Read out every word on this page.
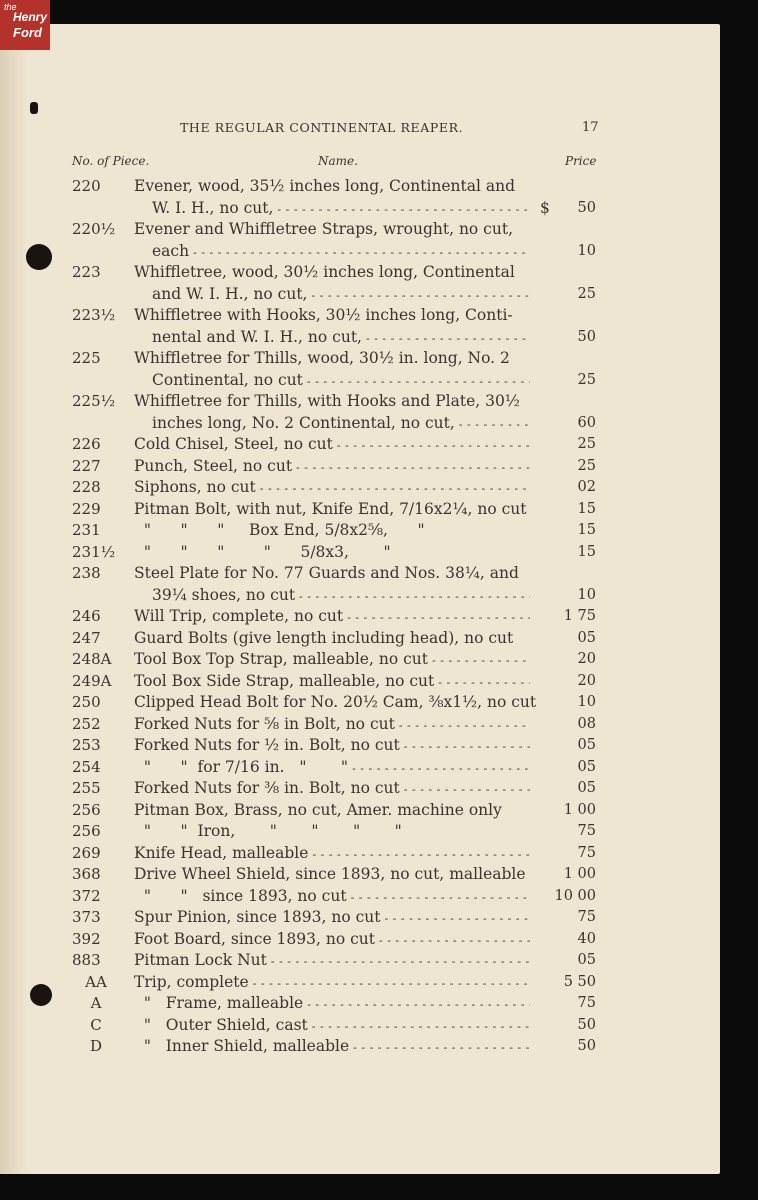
THE REGULAR CONTINENTAL REAPER.	17
No. of Piece.	Name.	Price
220	Evener, wood, 35½ inches long, Continental and
W. I. H., no cut, - - -	$	50
220½	Evener and Whiffletree Straps, wrought, no cut,
each - - -	10
223	Whiffletree, wood, 30½ inches long, Continental
and W. I. H., no cut, - - -	25
223½	Whiffletree with Hooks, 30½ inches long, Conti-
nental and W. I. H., no cut, - - -	50
225	Whiffletree for Thills, wood, 30½ in. long, No. 2
Continental, no cut - - -	25
225½	Whiffletree for Thills, with Hooks and Plate, 30½
inches long, No. 2 Continental, no cut, - - -	60
226	Cold Chisel, Steel, no cut - - -	25
227	Punch, Steel, no cut - - -	25
228	Siphons, no cut - - -	02
229	Pitman Bolt, with nut, Knife End, 7/16x2¼, no cut	15
231	"      "      "     Box End, 5/8x2⅝,      "	15
231½	"      "      "        "      5/8x3,       "	15
238	Steel Plate for No. 77 Guards and Nos. 38¼, and
39¼ shoes, no cut - - -	10
246	Will Trip, complete, no cut - - -	1 75
247	Guard Bolts (give length including head), no cut	05
248A	Tool Box Top Strap, malleable, no cut - - -	20
249A	Tool Box Side Strap, malleable, no cut - - -	20
250	Clipped Head Bolt for No. 20½ Cam, ⅜x1½, no cut	10
252	Forked Nuts for ⅝ in Bolt, no cut - - -	08
253	Forked Nuts for ½ in. Bolt, no cut - - -	05
254	"      "  for 7/16 in.   "       " - - -	05
255	Forked Nuts for ⅜ in. Bolt, no cut - - -	05
256	Pitman Box, Brass, no cut, Amer. machine only	1 00
256	"      "  Iron,       "       "       "       "	75
269	Knife Head, malleable - - -	75
368	Drive Wheel Shield, since 1893, no cut, malleable	1 00
372	"      "   since 1893, no cut - - -	10 00
373	Spur Pinion, since 1893, no cut - - -	75
392	Foot Board, since 1893, no cut - - -	40
883	Pitman Lock Nut - - -	05
AA	Trip, complete - - -	5 50
A	"   Frame, malleable - - -	75
C	"   Outer Shield, cast - - -	50
D	"   Inner Shield, malleable - - -	50
the
Henry
Ford
